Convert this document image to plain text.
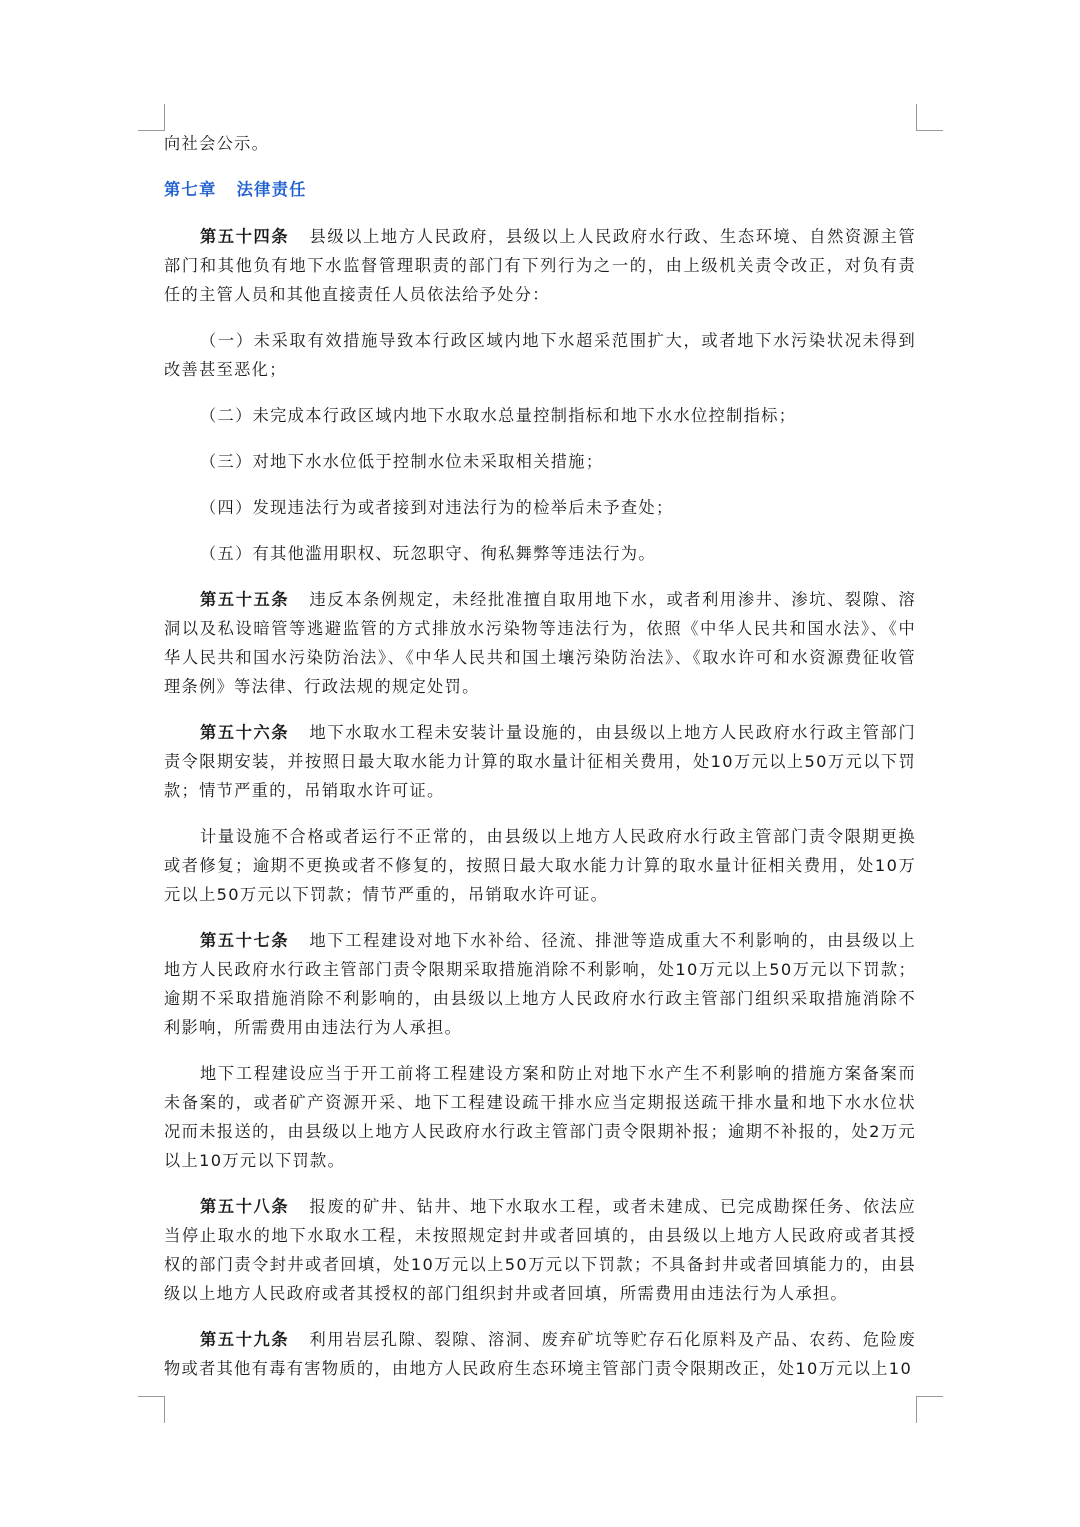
向社会公示。

第七章 法律责任

第五十四条 县级以上地方人民政府，县级以上人民政府水行政、生态环境、自然资源主管部门和其他负有地下水监督管理职责的部门有下列行为之一的，由上级机关责令改正，对负有责任的主管人员和其他直接责任人员依法给予处分：

（一）未采取有效措施导致本行政区域内地下水超采范围扩大，或者地下水污染状况未得到改善甚至恶化；

（二）未完成本行政区域内地下水取水总量控制指标和地下水水位控制指标；

（三）对地下水水位低于控制水位未采取相关措施；

（四）发现违法行为或者接到对违法行为的检举后未予查处；

（五）有其他滥用职权、玩忽职守、徇私舞弊等违法行为。

第五十五条 违反本条例规定，未经批准擅自取用地下水，或者利用渗井、渗坑、裂隙、溶洞以及私设暗管等逃避监管的方式排放水污染物等违法行为，依照《中华人民共和国水法》、《中华人民共和国水污染防治法》、《中华人民共和国土壤污染防治法》、《取水许可和水资源费征收管理条例》等法律、行政法规的规定处罚。

第五十六条 地下水取水工程未安装计量设施的，由县级以上地方人民政府水行政主管部门责令限期安装，并按照日最大取水能力计算的取水量计征相关费用，处10万元以上50万元以下罚款；情节严重的，吊销取水许可证。

计量设施不合格或者运行不正常的，由县级以上地方人民政府水行政主管部门责令限期更换或者修复；逾期不更换或者不修复的，按照日最大取水能力计算的取水量计征相关费用，处10万元以上50万元以下罚款；情节严重的，吊销取水许可证。

第五十七条 地下工程建设对地下水补给、径流、排泄等造成重大不利影响的，由县级以上地方人民政府水行政主管部门责令限期采取措施消除不利影响，处10万元以上50万元以下罚款；逾期不采取措施消除不利影响的，由县级以上地方人民政府水行政主管部门组织采取措施消除不利影响，所需费用由违法行为人承担。

地下工程建设应当于开工前将工程建设方案和防止对地下水产生不利影响的措施方案备案而未备案的，或者矿产资源开采、地下工程建设疏干排水应当定期报送疏干排水量和地下水水位状况而未报送的，由县级以上地方人民政府水行政主管部门责令限期补报；逾期不补报的，处2万元以上10万元以下罚款。

第五十八条 报废的矿井、钻井、地下水取水工程，或者未建成、已完成勘探任务、依法应当停止取水的地下水取水工程，未按照规定封井或者回填的，由县级以上地方人民政府或者其授权的部门责令封井或者回填，处10万元以上50万元以下罚款；不具备封井或者回填能力的，由县级以上地方人民政府或者其授权的部门组织封井或者回填，所需费用由违法行为人承担。

第五十九条 利用岩层孔隙、裂隙、溶洞、废弃矿坑等贮存石化原料及产品、农药、危险废物或者其他有毒有害物质的，由地方人民政府生态环境主管部门责令限期改正，处10万元以上10
